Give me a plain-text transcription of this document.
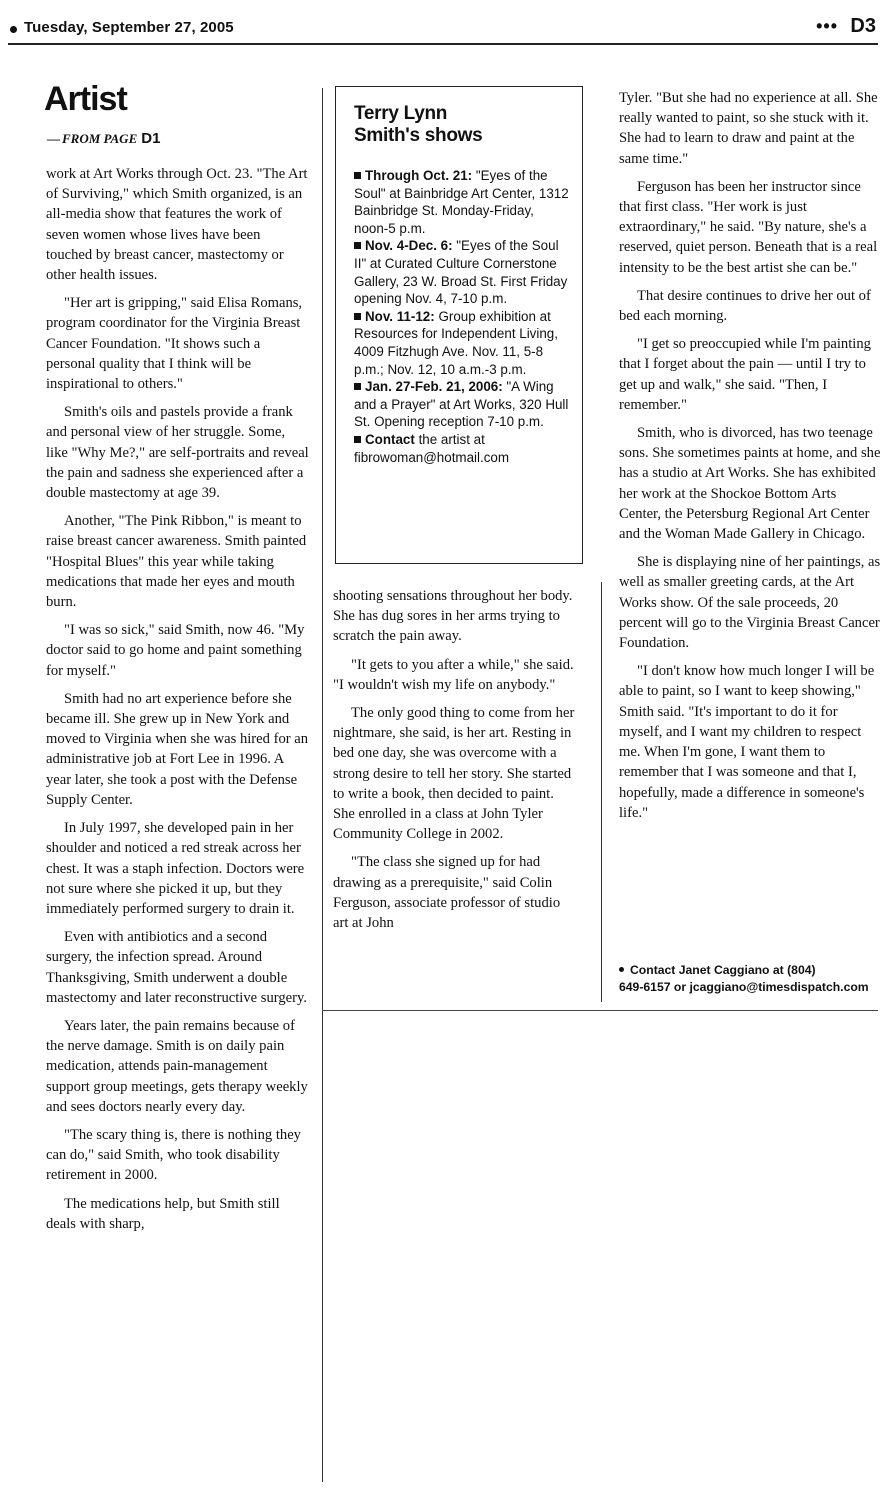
Tuesday, September 27, 2005	••• D3
Artist
— FROM PAGE D1

work at Art Works through Oct. 23. "The Art of Surviving," which Smith organized, is an all-media show that features the work of seven women whose lives have been touched by breast cancer, mastectomy or other health issues.

"Her art is gripping," said Elisa Romans, program coordinator for the Virginia Breast Cancer Foundation. "It shows such a personal quality that I think will be inspirational to others."

Smith's oils and pastels provide a frank and personal view of her struggle. Some, like "Why Me?," are self-portraits and reveal the pain and sadness she experienced after a double mastectomy at age 39.

Another, "The Pink Ribbon," is meant to raise breast cancer awareness. Smith painted "Hospital Blues" this year while taking medications that made her eyes and mouth burn.

"I was so sick," said Smith, now 46. "My doctor said to go home and paint something for myself."

Smith had no art experience before she became ill. She grew up in New York and moved to Virginia when she was hired for an administrative job at Fort Lee in 1996. A year later, she took a post with the Defense Supply Center.

In July 1997, she developed pain in her shoulder and noticed a red streak across her chest. It was a staph infection. Doctors were not sure where she picked it up, but they immediately performed surgery to drain it.

Even with antibiotics and a second surgery, the infection spread. Around Thanksgiving, Smith underwent a double mastectomy and later reconstructive surgery.

Years later, the pain remains because of the nerve damage. Smith is on daily pain medication, attends pain-management support group meetings, gets therapy weekly and sees doctors nearly every day.

"The scary thing is, there is nothing they can do," said Smith, who took disability retirement in 2000.

The medications help, but Smith still deals with sharp,

Terry Lynn
Smith's shows
Through Oct. 21: "Eyes of the Soul" at Bainbridge Art Center, 1312 Bainbridge St. Monday-Friday, noon-5 p.m.
Nov. 4-Dec. 6: "Eyes of the Soul II" at Curated Culture Cornerstone Gallery, 23 W. Broad St. First Friday opening Nov. 4, 7-10 p.m.
Nov. 11-12: Group exhibition at Resources for Independent Living, 4009 Fitzhugh Ave. Nov. 11, 5-8 p.m.; Nov. 12, 10 a.m.-3 p.m.
Jan. 27-Feb. 21, 2006: "A Wing and a Prayer" at Art Works, 320 Hull St. Opening reception 7-10 p.m.
Contact the artist at fibrowoman@hotmail.com

shooting sensations throughout her body. She has dug sores in her arms trying to scratch the pain away.

"It gets to you after a while," she said. "I wouldn't wish my life on anybody."

The only good thing to come from her nightmare, she said, is her art. Resting in bed one day, she was overcome with a strong desire to tell her story. She started to write a book, then decided to paint. She enrolled in a class at John Tyler Community College in 2002.

"The class she signed up for had drawing as a prerequisite," said Colin Ferguson, associate professor of studio art at John

Tyler. "But she had no experience at all. She really wanted to paint, so she stuck with it. She had to learn to draw and paint at the same time."

Ferguson has been her instructor since that first class. "Her work is just extraordinary," he said. "By nature, she's a reserved, quiet person. Beneath that is a real intensity to be the best artist she can be."

That desire continues to drive her out of bed each morning.

"I get so preoccupied while I'm painting that I forget about the pain — until I try to get up and walk," she said. "Then, I remember."

Smith, who is divorced, has two teenage sons. She sometimes paints at home, and she has a studio at Art Works. She has exhibited her work at the Shockoe Bottom Arts Center, the Petersburg Regional Art Center and the Woman Made Gallery in Chicago.

She is displaying nine of her paintings, as well as smaller greeting cards, at the Art Works show. Of the sale proceeds, 20 percent will go to the Virginia Breast Cancer Foundation.

"I don't know how much longer I will be able to paint, so I want to keep showing," Smith said. "It's important to do it for myself, and I want my children to respect me. When I'm gone, I want them to remember that I was someone and that I, hopefully, made a difference in someone's life."

Contact Janet Caggiano at (804)
649-6157 or jcaggiano@timesdispatch.com
